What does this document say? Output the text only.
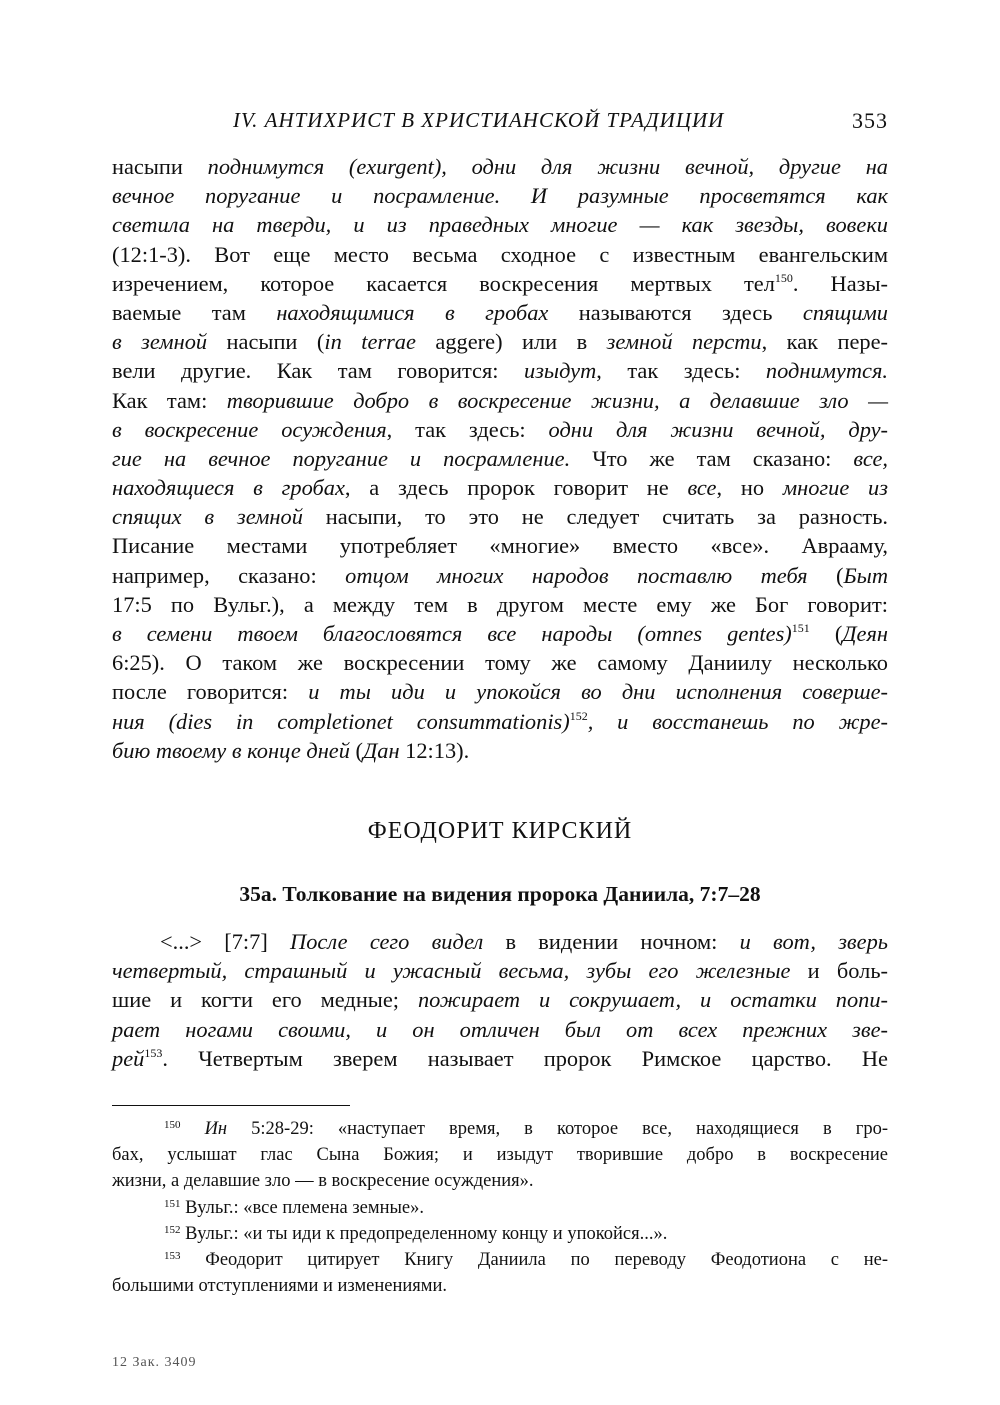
IV. АНТИХРИСТ В ХРИСТИАНСКОЙ ТРАДИЦИИ	353
насыпи поднимутся (exurgent), одни для жизни вечной, другие на
вечное поругание и посрамление. И разумные просветятся как
светила на тверди, и из праведных многие — как звезды, вовеки
(12:1-3). Вот еще место весьма сходное с известным евангельским
изречением, которое касается воскресения мертвых тел$^{150}$. Назы-
ваемые там находящимися в гробах называются здесь спящими
в земной насыпи (in terrae aggere) или в земной персти, как пере-
вели другие. Как там говорится: изыдут, так здесь: поднимутся.
Как там: творившие добро в воскресение жизни, а делавшие зло —
в воскресение осуждения, так здесь: одни для жизни вечной, дру-
гие на вечное поругание и посрамление. Что же там сказано: все,
находящиеся в гробах, а здесь пророк говорит не все, но многие из
спящих в земной насыпи, то это не следует считать за разность.
Писание местами употребляет «многие» вместо «все». Аврааму,
например, сказано: отцом многих народов поставлю тебя (Быт
17:5 по Вульг.), а между тем в другом месте ему же Бог говорит:
в семени твоем благословятся все народы (omnes gentes)$^{151}$ (Деян
6:25). О таком же воскресении тому же самому Даниилу несколько
после говорится: и ты иди и упокойся во дни исполнения соверше-
ния (dies in completionet consummationis)$^{152}$, и восстанешь по жре-
бию твоему в конце дней (Дан 12:13).
ФЕОДОРИТ КИРСКИЙ
35а. Толкование на видения пророка Даниила, 7:7–28
<...> [7:7] После сего видел в видении ночном: и вот, зверь
четвертый, страшный и ужасный весьма, зубы его железные и боль-
шие и когти его медные; пожирает и сокрушает, и остатки попи-
рает ногами своими, и он отличен был от всех прежних зве-
рей$^{153}$. Четвертым зверем называет пророк Римское царство. Не
$^{150}$ Ин 5:28-29: «наступает время, в которое все, находящиеся в гро-
бах, услышат глас Сына Божия; и изыдут творившие добро в воскресение
жизни, а делавшие зло — в воскресение осуждения».
$^{151}$ Вульг.: «все племена земные».
$^{152}$ Вульг.: «и ты иди к предопределенному концу и упокойся...».
$^{153}$ Феодорит цитирует Книгу Даниила по переводу Феодотиона с не-
большими отступлениями и изменениями.
12 Зак. 3409
